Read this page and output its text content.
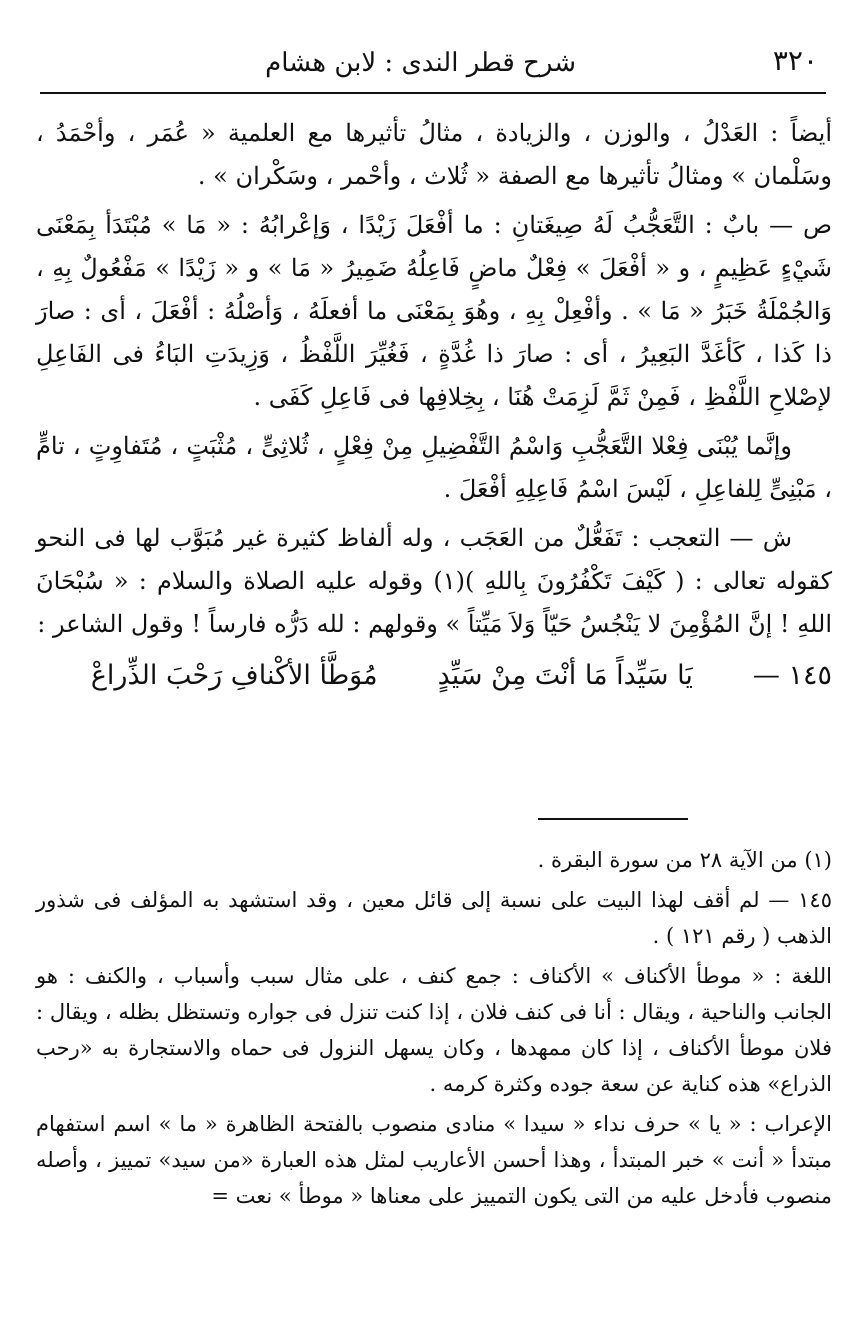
٣٢٠
شرح قطر الندى : لابن هشام

أيضاً : العَدْلُ ، والوزن ، والزيادة ، مثالُ تأثيرها مع العلمية « عُمَر ، وأحْمَدُ ، وسَلْمان » ومثالُ تأثيرها مع الصفة « ثُلاث ، وأحْمر ، وسَكْران » .

ص — بابٌ : التَّعَجُّبُ لَهُ صِيغَتانِ : ما أفْعَلَ زَيْدًا ، وَإعْرابُهُ : « مَا » مُبْتَدَأ بِمَعْنَى شَيْءٍ عَظِيمٍ ، و « أفْعَلَ » فِعْلٌ ماضٍ فَاعِلُهُ ضَمِيرُ « مَا » و « زَيْدًا » مَفْعُولٌ بِهِ ، وَالجُمْلَةُ خَبَرُ « مَا » . وأفْعِلْ بِهِ ، وهُوَ بِمَعْنَى ما أفعلَهُ ، وَأصْلُهُ : أفْعَلَ ، أى : صارَ ذا كَذا ، كَأغَدَّ البَعِيرُ ، أى : صارَ ذا غُدَّةٍ ، فَغُيِّرَ اللَّفْظُ ، وَزِيدَتِ البَاءُ فى الفَاعِلِ لإصْلاحِ اللَّفْظِ ، فَمِنْ ثَمَّ لَزِمَتْ هُنَا ، بِخِلافِها فى فَاعِلِ كَفَى .

وإنَّما يُبْنَى فِعْلا التَّعَجُّبِ وَاسْمُ التَّفْضِيلِ مِنْ فِعْلٍ ، ثُلاثِىٍّ ، مُثْبَتٍ ، مُتَفاوِتٍ ، تامٍّ ، مَبْنِىٍّ لِلفاعِلِ ، لَيْسَ اسْمُ فَاعِلِهِ أفْعَلَ .

ش — التعجب : تَفَعُّلٌ من العَجَب ، وله ألفاظ كثيرة غير مُبَوَّب لها فى النحو كقوله تعالى : ( كَيْفَ تَكْفُرُونَ بِاللهِ )(١) وقوله عليه الصلاة والسلام : « سُبْحَانَ اللهِ ! إنَّ المُؤْمِنَ لا يَنْجُسُ حَيّاً وَلاَ مَيِّتاً » وقولهم : لله دَرُّه فارساً ! وقول الشاعر :

١٤٥ —
يَا سَيِّداً مَا أنْتَ مِنْ سَيِّدٍ
مُوَطَّأ الأكْنافِ رَحْبَ الذِّراعْ

(١) من الآية ٢٨ من سورة البقرة .

١٤٥ — لم أقف لهذا البيت على نسبة إلى قائل معين ، وقد استشهد به المؤلف فى شذور الذهب ( رقم ١٢١ ) .

اللغة : « موطأ الأكناف » الأكناف : جمع كنف ، على مثال سبب وأسباب ، والكنف : هو الجانب والناحية ، ويقال : أنا فى كنف فلان ، إذا كنت تنزل فى جواره وتستظل بظله ، ويقال : فلان موطأ الأكناف ، إذا كان ممهدها ، وكان يسهل النزول فى حماه والاستجارة به «رحب الذراع» هذه كناية عن سعة جوده وكثرة كرمه .

الإعراب : « يا » حرف نداء « سيدا » منادى منصوب بالفتحة الظاهرة « ما » اسم استفهام مبتدأ « أنت » خبر المبتدأ ، وهذا أحسن الأعاريب لمثل هذه العبارة «من سيد» تمييز ، وأصله منصوب فأدخل عليه من التى يكون التمييز على معناها « موطأ » نعت =
